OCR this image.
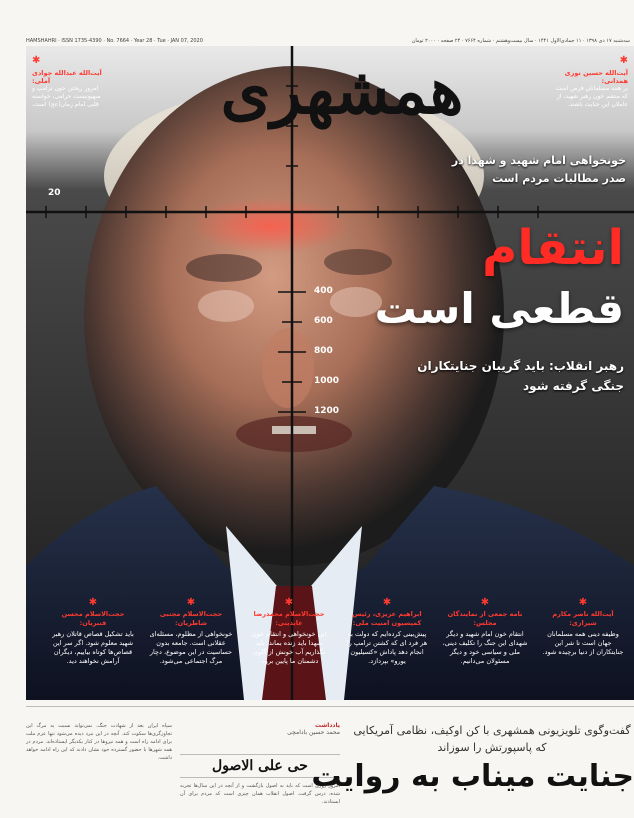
HAMSHAHRI · ISSN 1735-4390 · No. 7664 · Year 28 · Tue · JAN 07, 2020	سه‌شنبه ۱۷ دی ۱۳۹۸ · ۱۱ جمادی‌الاول ۱۴۴۱ · سال بیست‌وهشتم · شماره ۷۶۶۴ · ۲۴ صفحه · ۲۰۰۰ تومان
همشهری
✱
آیت‌الله عبدالله جوادی آملی:
امروز ریختن خون ترامپ و صهیونیست حرامی، خواسته قلبی امام زمان(عج) است.
✱
آیت‌الله حسین نوری همدانی:
بر همه مسلمانان فرض است که منتقم خون رهبر شهید، از عاملان این جنایت باشند.
20
400
600
800
1000
1200
خونخواهی امام شهید و شهدا در صدر مطالبات مردم است
انتقام
قطعی است
رهبر انقلاب: باید گریبان جنایتکاران جنگی گرفته شود
✱
آیت‌الله ناصر مکارم شیرازی:
وظیفه دینی همه مسلمانان جهان است تا شر این جنایتکاران از دنیا برچیده شود.
✱
نامه جمعی از نمایندگان مجلس:
انتقام خون امام شهید و دیگر شهدای این جنگ را تکلیف دینی، ملی و سیاسی خود و دیگر مسئولان می‌دانیم.
✱
ابراهیم عزیزی، رئیس کمیسیون امنیت ملی:
پیش‌بینی کرده‌ایم که دولت به هر فرد ای که کشتن ترامپ را انجام دهد پاداش «کسیلیون یورو» بپردازد.
✱
حجت‌الاسلام محمدرضا عابدینی:
این خونخواهی و انتقام خون شهدا باید زنده بماند. باید نگذاریم آب خونش از گلوی دشمنان ما پایین برود.
✱
حجت‌الاسلام مجتبی شاطریان:
خونخواهی از مظلوم، مسئله‌ای عقلانی است. جامعه بدون حساسیت در این موضوع، دچار مرگ اجتماعی می‌شود.
✱
حجت‌الاسلام محسن قنبریان:
باید تشکیل قصاص قاتلان رهبر شهید معلوم شود. اگر سر این قصاص‌ها کوتاه بیاییم، دیگران آرامش نخواهند دید.
سپاه ایران بعد از شهادت جنگ، نمی‌تواند نسبت به مرگ این تجاوزگری‌ها سکوت کند. آنچه در این نبرد دیده می‌شود تنها عزم ملت برای ادامه راه است و همه نیروها در کنار یکدیگر ایستاده‌اند. مردم در همه شهرها با حضور گسترده خود نشان دادند که این راه ادامه خواهد داشت.
یادداشت
محمد حسین بادامچی
حی علی الاصول
امروز روزی است که باید به اصول بازگشت و از آنچه در این سال‌ها تجربه شده، درس گرفت. اصول انقلاب همان چیزی است که مردم برای آن ایستادند.
گفت‌وگوی تلویزیونی همشهری با کن اوکیف، نظامی آمریکایی که پاسپورتش را سوزاند
جنایت میناب به روایت
